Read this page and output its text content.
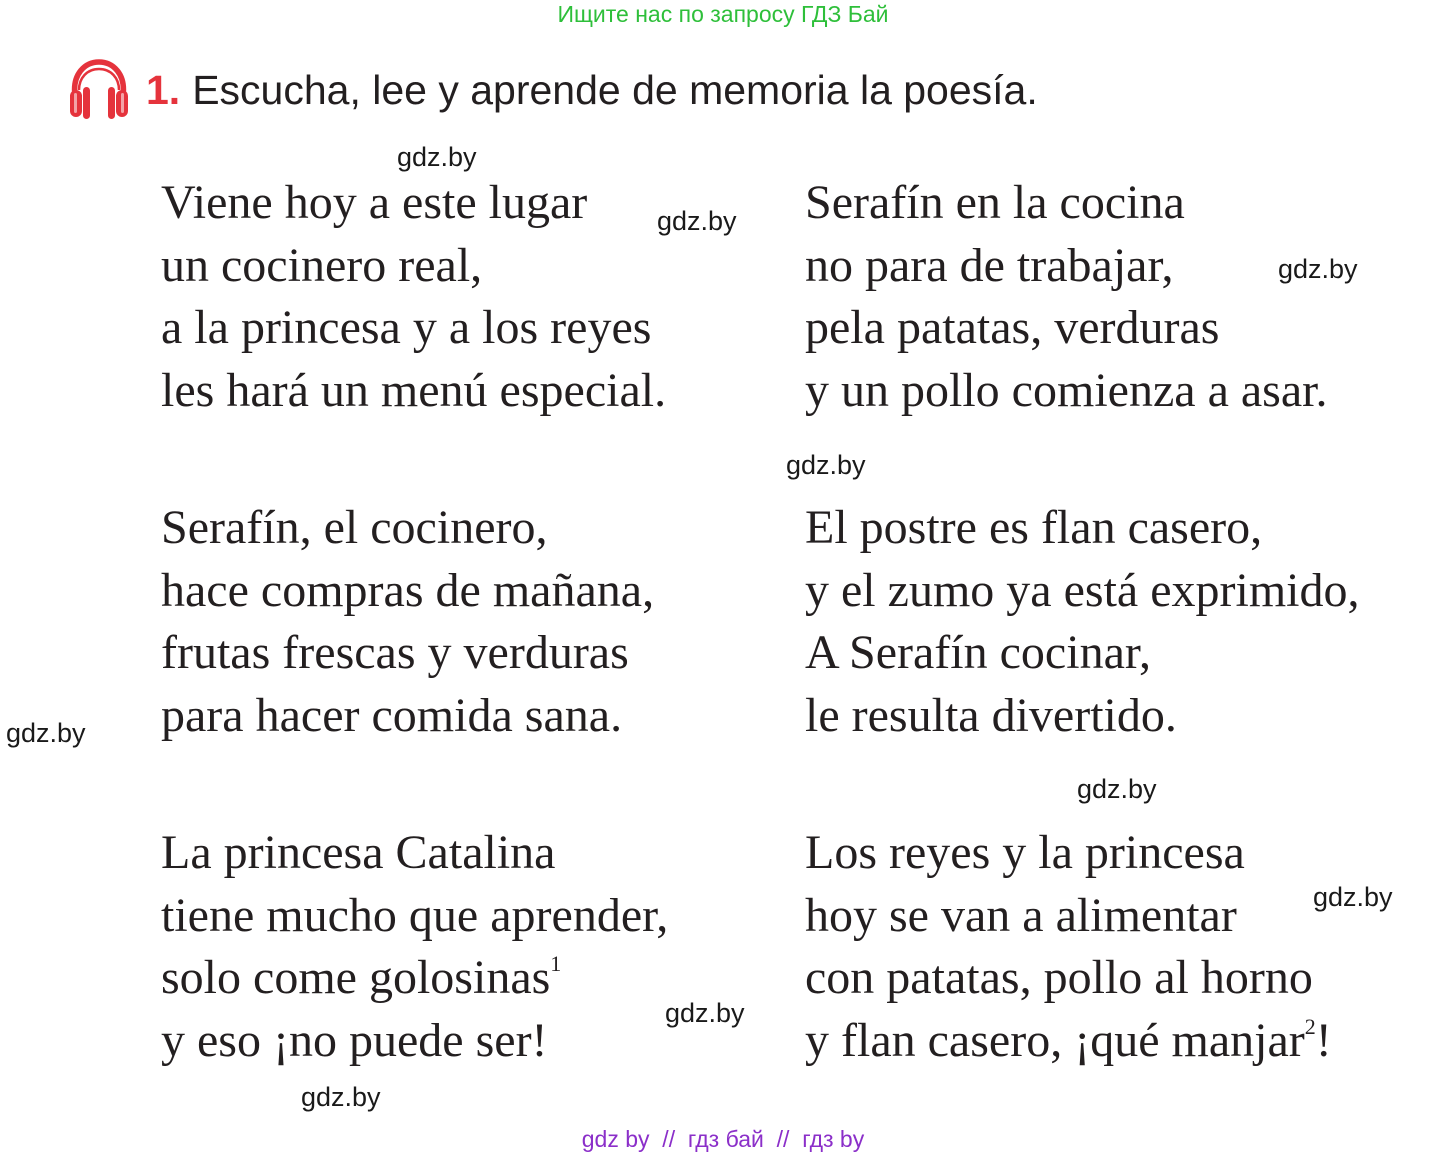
Ищите нас по запросу ГДЗ Бай
1. Escucha, lee y aprende de memoria la poesía.
Viene hoy a este lugar
un cocinero real,
a la princesa y a los reyes
les hará un menú especial.
Serafín en la cocina
no para de trabajar,
pela patatas, verduras
y un pollo comienza a asar.
Serafín, el cocinero,
hace compras de mañana,
frutas frescas y verduras
para hacer comida sana.
El postre es flan casero,
y el zumo ya está exprimido,
A Serafín cocinar,
le resulta divertido.
La princesa Catalina
tiene mucho que aprender,
solo come golosinas$^1$
y eso ¡no puede ser!
Los reyes y la princesa
hoy se van a alimentar
con patatas, pollo al horno
y flan casero, ¡qué manjar$^2$!
gdz.by
gdz.by
gdz.by
gdz.by
gdz.by
gdz.by
gdz.by
gdz.by
gdz.by
gdz by  //  гдз бай  //  гдз by
